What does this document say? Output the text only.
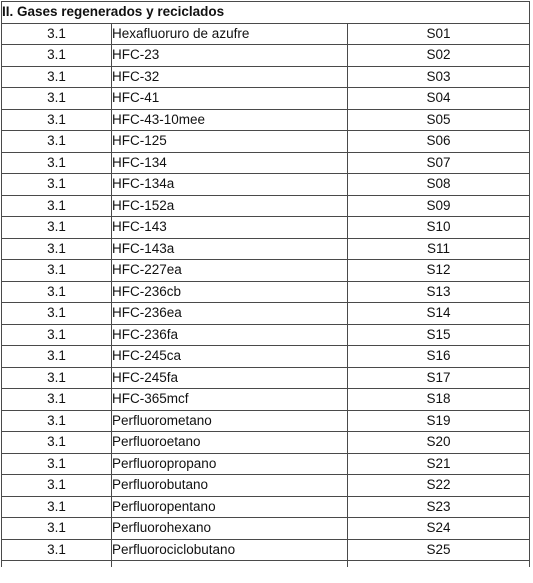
II. Gases regenerados y reciclados		
3.1	Hexafluoruro de azufre	S01
3.1	HFC-23	S02
3.1	HFC-32	S03
3.1	HFC-41	S04
3.1	HFC-43-10mee	S05
3.1	HFC-125	S06
3.1	HFC-134	S07
3.1	HFC-134a	S08
3.1	HFC-152a	S09
3.1	HFC-143	S10
3.1	HFC-143a	S11
3.1	HFC-227ea	S12
3.1	HFC-236cb	S13
3.1	HFC-236ea	S14
3.1	HFC-236fa	S15
3.1	HFC-245ca	S16
3.1	HFC-245fa	S17
3.1	HFC-365mcf	S18
3.1	Perfluorometano	S19
3.1	Perfluoroetano	S20
3.1	Perfluoropropano	S21
3.1	Perfluorobutano	S22
3.1	Perfluoropentano	S23
3.1	Perfluorohexano	S24
3.1	Perfluorociclobutano	S25
